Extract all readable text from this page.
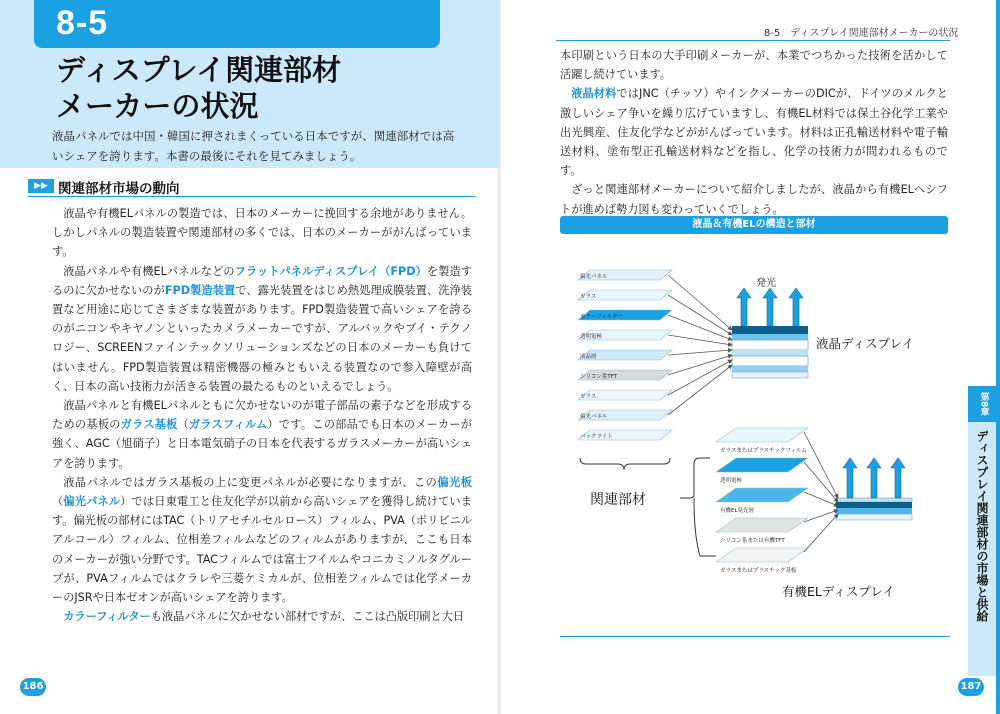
8-5
ディスプレイ関連部材
メーカーの状況
液晶パネルでは中国・韓国に押されまくっている日本ですが、関連部材では高いシェアを誇ります。本書の最後にそれを見てみましょう。
▶▶ 関連部材市場の動向

液晶や有機ELパネルの製造では、日本のメーカーに挽回する余地がありません。しかしパネルの製造装置や関連部材の多くでは、日本のメーカーががんばっています。

液晶パネルや有機ELパネルなどのフラットパネルディスプレイ（FPD）を製造するのに欠かせないのがFPD製造装置で、露光装置をはじめ熱処理成膜装置、洗浄装置など用途に応じてさまざまな装置があります。FPD製造装置で高いシェアを誇るのがニコンやキヤノンといったカメラメーカーですが、アルバックやブイ・テクノロジー、SCREENファインテックソリューションズなどの日本のメーカーも負けてはいません。FPD製造装置は精密機器の極みともいえる装置なので参入障壁が高く、日本の高い技術力が活きる装置の最たるものといえるでしょう。

液晶パネルと有機ELパネルともに欠かせないのが電子部品の素子などを形成するための基板のガラス基板（ガラスフィルム）です。この部品でも日本のメーカーが強く、AGC（旭硝子）と日本電気硝子の日本を代表するガラスメーカーが高いシェアを誇ります。

液晶パネルではガラス基板の上に変更パネルが必要になりますが、この偏光板（偏光パネル）では日東電工と住友化学が以前から高いシェアを獲得し続けています。偏光板の部材にはTAC（トリアセチルセルロース）フィルム、PVA（ポリビニルアルコール）フィルム、位相差フィルムなどのフィルムがありますが、ここも日本のメーカーが強い分野です。TACフィルムでは富士フイルムやコニカミノルタグループが、PVAフィルムではクラレや三菱ケミカルが、位相差フィルムでは化学メーカーのJSRや日本ゼオンが高いシェアを誇ります。

カラーフィルターも液晶パネルに欠かせない部材ですが、ここは凸版印刷と大日

186
8-5　ディスプレイ関連部材メーカーの状況

本印刷という日本の大手印刷メーカーが、本業でつちかった技術を活かして活躍し続けています。

液晶材料ではJNC（チッソ）やインクメーカーのDICが、ドイツのメルクと激しいシェア争いを繰り広げていますし、有機EL材料では保土谷化学工業や出光興産、住友化学などががんばっています。材料は正孔輸送材料や電子輸送材料、塗布型正孔輸送材料などを指し、化学の技術力が問われるものです。

ざっと関連部材メーカーについて紹介しましたが、液晶から有機ELへシフトが進めば勢力図も変わっていくでしょう。

液晶＆有機ELの構造と部材
偏光パネル
ガラス
カラーフィルター
透明電極
液晶層
シリコン系TFT
ガラス
偏光パネル
バックライト
ガラスまたはプラスチックフィルム
透明電極
有機EL発光層
シリコン系または有機TFT
ガラスまたはプラスチック基板
発光
液晶ディスプレイ
有機ELディスプレイ
関連部材
第8章
ディスプレイ関連部材の市場と供給
187
